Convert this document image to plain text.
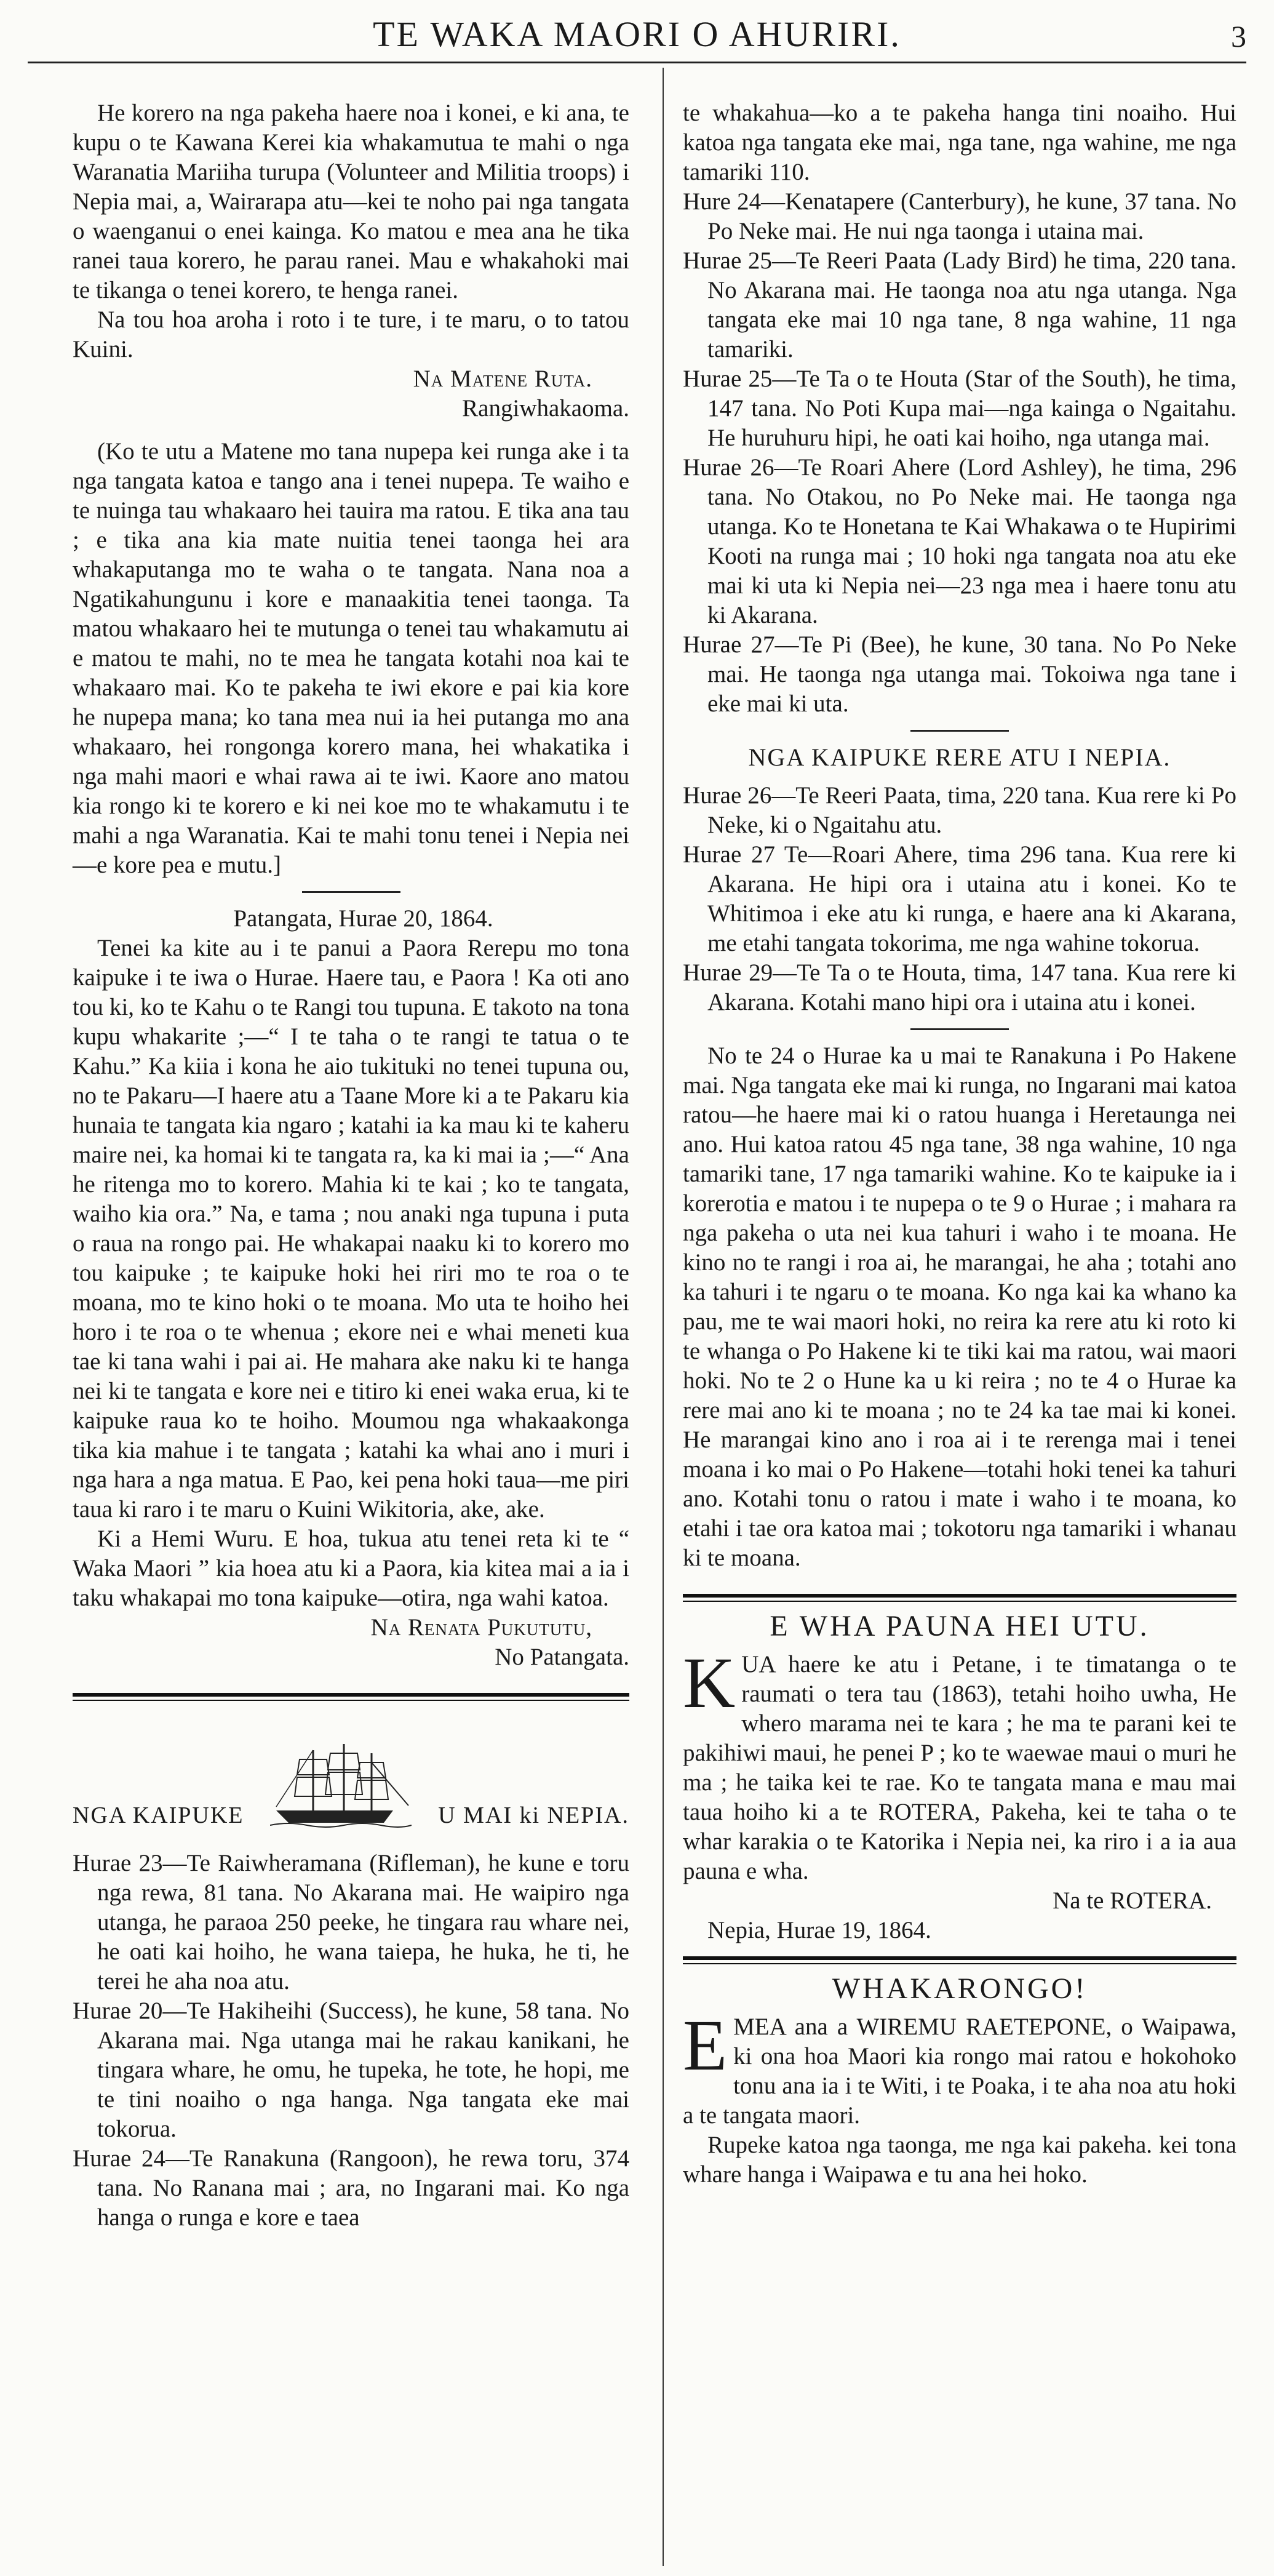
TE WAKA MAORI O AHURIRI.	3

He korero na nga pakeha haere noa i konei, e ki ana, te kupu o te Kawana Kerei kia whakamutua te mahi o nga Waranatia Mariiha turupa (Volunteer and Militia troops) i Nepia mai, a, Wairarapa atu—kei te noho pai nga tangata o waenganui o enei kainga. Ko matou e mea ana he tika ranei taua korero, he parau ranei. Mau e whakahoki mai te tikanga o tenei korero, te henga ranei.

Na tou hoa aroha i roto i te ture, i te maru, o to tatou Kuini.

Na Matene Ruta.

Rangiwhakaoma.

(Ko te utu a Matene mo tana nupepa kei runga ake i ta nga tangata katoa e tango ana i tenei nupepa. Te waiho e te nuinga tau whakaaro hei tauira ma ratou. E tika ana tau ; e tika ana kia mate nuitia tenei taonga hei ara whakaputanga mo te waha o te tangata. Nana noa a Ngatikahungunu i kore e manaakitia tenei taonga. Ta matou whakaaro hei te mutunga o tenei tau whakamutu ai e matou te mahi, no te mea he tangata kotahi noa kai te whakaaro mai. Ko te pakeha te iwi ekore e pai kia kore he nupepa mana; ko tana mea nui ia hei putanga mo ana whakaaro, hei rongonga korero mana, hei whakatika i nga mahi maori e whai rawa ai te iwi. Kaore ano matou kia rongo ki te korero e ki nei koe mo te whakamutu i te mahi a nga Waranatia. Kai te mahi tonu tenei i Nepia nei —e kore pea e mutu.]

Patangata, Hurae 20, 1864.

Tenei ka kite au i te panui a Paora Rerepu mo tona kaipuke i te iwa o Hurae. Haere tau, e Paora ! Ka oti ano tou ki, ko te Kahu o te Rangi tou tupuna. E takoto na tona kupu whakarite ;—“ I te taha o te rangi te tatua o te Kahu.” Ka kiia i kona he aio tukituki no tenei tupuna ou, no te Pakaru—I haere atu a Taane More ki a te Pakaru kia hunaia te tangata kia ngaro ; katahi ia ka mau ki te kaheru maire nei, ka homai ki te tangata ra, ka ki mai ia ;—“ Ana he ritenga mo to korero. Mahia ki te kai ; ko te tangata, waiho kia ora.” Na, e tama ; nou anaki nga tupuna i puta o raua na rongo pai. He whakapai naaku ki to korero mo tou kaipuke ; te kaipuke hoki hei riri mo te roa o te moana, mo te kino hoki o te moana. Mo uta te hoiho hei horo i te roa o te whenua ; ekore nei e whai meneti kua tae ki tana wahi i pai ai. He mahara ake naku ki te hanga nei ki te tangata e kore nei e titiro ki enei waka erua, ki te kaipuke raua ko te hoiho. Moumou nga whakaakonga tika kia mahue i te tangata ; katahi ka whai ano i muri i nga hara a nga matua. E Pao, kei pena hoki taua—me piri taua ki raro i te maru o Kuini Wikitoria, ake, ake.

Ki a Hemi Wuru. E hoa, tukua atu tenei reta ki te “ Waka Maori ” kia hoea atu ki a Paora, kia kitea mai a ia i taku whakapai mo tona kaipuke—otira, nga wahi katoa.

Na Renata Pukututu,

No Patangata.

NGA KAIPUKE	U MAI ki NEPIA.

Hurae 23—Te Raiwheramana (Rifleman), he kune e toru nga rewa, 81 tana. No Akarana mai. He waipiro nga utanga, he paraoa 250 peeke, he tingara rau whare nei, he oati kai hoiho, he wana taiepa, he huka, he ti, he terei he aha noa atu.

Hurae 20—Te Hakiheihi (Success), he kune, 58 tana. No Akarana mai. Nga utanga mai he rakau kanikani, he tingara whare, he omu, he tupeka, he tote, he hopi, me te tini noaiho o nga hanga. Nga tangata eke mai tokorua.

Hurae 24—Te Ranakuna (Rangoon), he rewa toru, 374 tana. No Ranana mai ; ara, no Ingarani mai. Ko nga hanga o runga e kore e taea

te whakahua—ko a te pakeha hanga tini noaiho. Hui katoa nga tangata eke mai, nga tane, nga wahine, me nga tamariki 110.

Hure 24—Kenatapere (Canterbury), he kune, 37 tana. No Po Neke mai. He nui nga taonga i utaina mai.

Hurae 25—Te Reeri Paata (Lady Bird) he tima, 220 tana. No Akarana mai. He taonga noa atu nga utanga. Nga tangata eke mai 10 nga tane, 8 nga wahine, 11 nga tamariki.

Hurae 25—Te Ta o te Houta (Star of the South), he tima, 147 tana. No Poti Kupa mai—nga kainga o Ngaitahu. He huruhuru hipi, he oati kai hoiho, nga utanga mai.

Hurae 26—Te Roari Ahere (Lord Ashley), he tima, 296 tana. No Otakou, no Po Neke mai. He taonga nga utanga. Ko te Honetana te Kai Whakawa o te Hupirimi Kooti na runga mai ; 10 hoki nga tangata noa atu eke mai ki uta ki Nepia nei—23 nga mea i haere tonu atu ki Akarana.

Hurae 27—Te Pi (Bee), he kune, 30 tana. No Po Neke mai. He taonga nga utanga mai. Tokoiwa nga tane i eke mai ki uta.

NGA KAIPUKE RERE ATU I NEPIA.

Hurae 26—Te Reeri Paata, tima, 220 tana. Kua rere ki Po Neke, ki o Ngaitahu atu.

Hurae 27 Te—Roari Ahere, tima 296 tana. Kua rere ki Akarana. He hipi ora i utaina atu i konei. Ko te Whitimoa i eke atu ki runga, e haere ana ki Akarana, me etahi tangata tokorima, me nga wahine tokorua.

Hurae 29—Te Ta o te Houta, tima, 147 tana. Kua rere ki Akarana. Kotahi mano hipi ora i utaina atu i konei.

No te 24 o Hurae ka u mai te Ranakuna i Po Hakene mai. Nga tangata eke mai ki runga, no Ingarani mai katoa ratou—he haere mai ki o ratou huanga i Heretaunga nei ano. Hui katoa ratou 45 nga tane, 38 nga wahine, 10 nga tamariki tane, 17 nga tamariki wahine. Ko te kaipuke ia i korerotia e matou i te nupepa o te 9 o Hurae ; i mahara ra nga pakeha o uta nei kua tahuri i waho i te moana. He kino no te rangi i roa ai, he marangai, he aha ; totahi ano ka tahuri i te ngaru o te moana. Ko nga kai ka whano ka pau, me te wai maori hoki, no reira ka rere atu ki roto ki te whanga o Po Hakene ki te tiki kai ma ratou, wai maori hoki. No te 2 o Hune ka u ki reira ; no te 4 o Hurae ka rere mai ano ki te moana ; no te 24 ka tae mai ki konei. He marangai kino ano i roa ai i te rerenga mai i tenei moana i ko mai o Po Hakene—totahi hoki tenei ka tahuri ano. Kotahi tonu o ratou i mate i waho i te moana, ko etahi i tae ora katoa mai ; tokotoru nga tamariki i whanau ki te moana.

E WHA PAUNA HEI UTU.

KUA haere ke atu i Petane, i te timatanga o te raumati o tera tau (1863), tetahi hoiho uwha, He whero marama nei te kara ; he ma te parani kei te pakihiwi maui, he penei P ; ko te waewae maui o muri he ma ; he taika kei te rae. Ko te tangata mana e mau mai taua hoiho ki a te ROTERA, Pakeha, kei te taha o te whar karakia o te Katorika i Nepia nei, ka riro i a ia aua pauna e wha.

Na te ROTERA.

Nepia, Hurae 19, 1864.

WHAKARONGO!

EMEA ana a WIREMU RAETEPONE, o Waipawa, ki ona hoa Maori kia rongo mai ratou e hokohoko tonu ana ia i te Witi, i te Poaka, i te aha noa atu hoki a te tangata maori.

Rupeke katoa nga taonga, me nga kai pakeha. kei tona whare hanga i Waipawa e tu ana hei hoko.
